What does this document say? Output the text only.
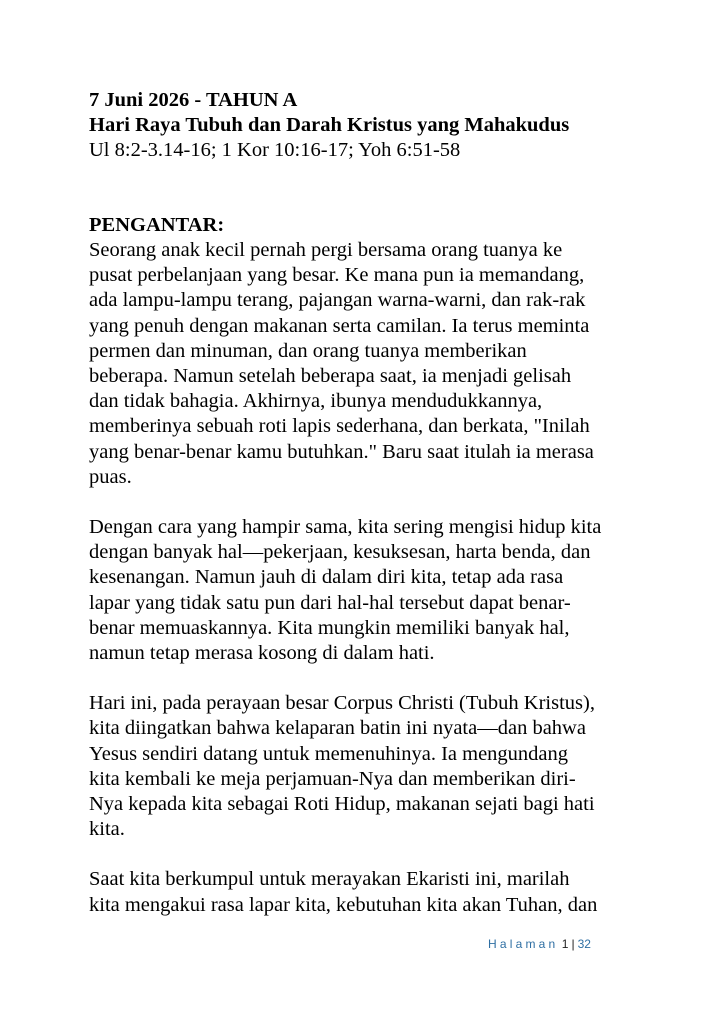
7 Juni 2026 - TAHUN A
Hari Raya Tubuh dan Darah Kristus yang Mahakudus
Ul 8:2-3.14-16; 1 Kor 10:16-17; Yoh 6:51-58
PENGANTAR:

Seorang anak kecil pernah pergi bersama orang tuanya ke
pusat perbelanjaan yang besar. Ke mana pun ia memandang,
ada lampu-lampu terang, pajangan warna-warni, dan rak-rak
yang penuh dengan makanan serta camilan. Ia terus meminta
permen dan minuman, dan orang tuanya memberikan
beberapa. Namun setelah beberapa saat, ia menjadi gelisah
dan tidak bahagia. Akhirnya, ibunya mendudukkannya,
memberinya sebuah roti lapis sederhana, dan berkata, "Inilah
yang benar-benar kamu butuhkan." Baru saat itulah ia merasa
puas.

Dengan cara yang hampir sama, kita sering mengisi hidup kita
dengan banyak hal—pekerjaan, kesuksesan, harta benda, dan
kesenangan. Namun jauh di dalam diri kita, tetap ada rasa
lapar yang tidak satu pun dari hal-hal tersebut dapat benar-
benar memuaskannya. Kita mungkin memiliki banyak hal,
namun tetap merasa kosong di dalam hati.

Hari ini, pada perayaan besar Corpus Christi (Tubuh Kristus),
kita diingatkan bahwa kelaparan batin ini nyata—dan bahwa
Yesus sendiri datang untuk memenuhinya. Ia mengundang
kita kembali ke meja perjamuan-Nya dan memberikan diri-
Nya kepada kita sebagai Roti Hidup, makanan sejati bagi hati
kita.

Saat kita berkumpul untuk merayakan Ekaristi ini, marilah
kita mengakui rasa lapar kita, kebutuhan kita akan Tuhan, dan

Halaman 1 | 32
